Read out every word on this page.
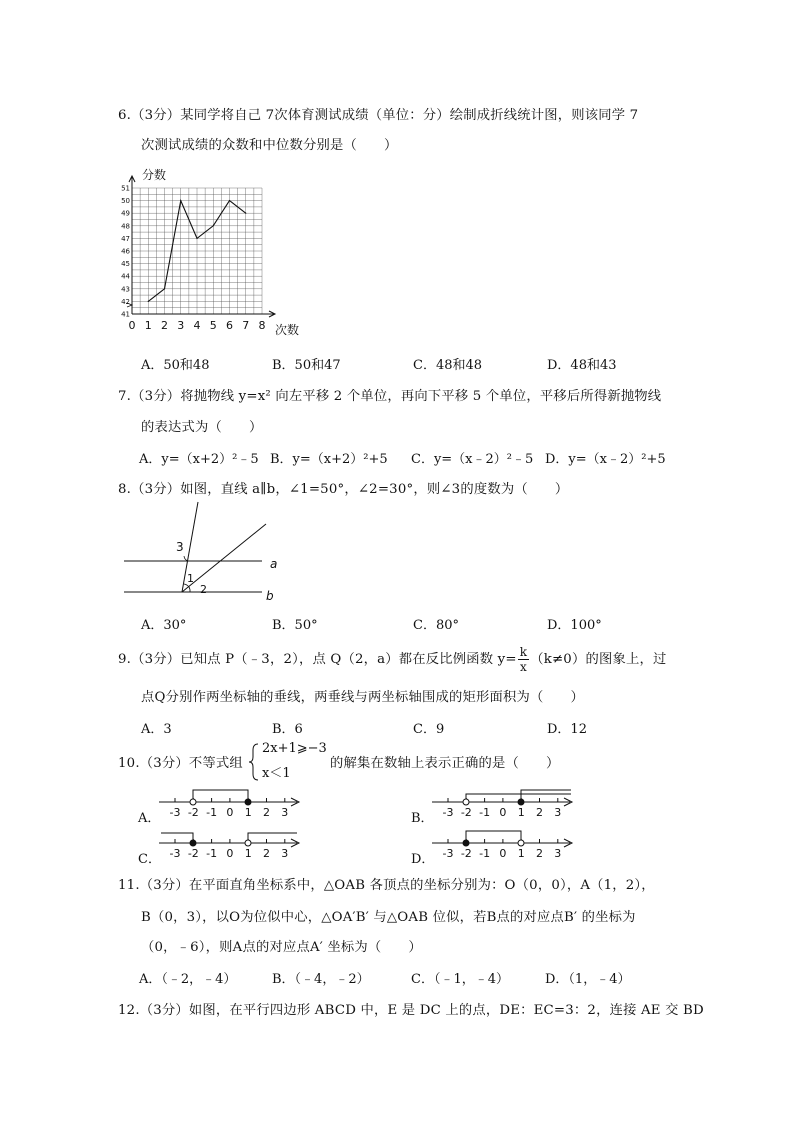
6.（3分）某同学将自己 7次体育测试成绩（单位：分）绘制成折线统计图，则该同学 7
次测试成绩的众数和中位数分别是（　　）
41
42
43
44
45
46
47
48
49
50
51
0 1 2 3 4 5 6 7 8
分数
次数
A．50和48	B．50和47	C．48和48	D．48和43
7.（3分）将抛物线 y=x² 向左平移 2 个单位，再向下平移 5 个单位，平移后所得新抛物线
的表达式为（　　）
A．y=（x+2）²﹣5 B．y=（x+2）²+5 C．y=（x﹣2）²﹣5 D．y=（x﹣2）²+5
8.（3分）如图，直线 a∥b，∠1=50°，∠2=30°，则∠3的度数为（　　）
3
1
2
a
b
A．30°	B．50°	C．80°	D．100°
9.（3分）已知点 P（﹣3，2），点 Q（2，a）都在反比例函数 $y= \frac{k}{x} (k\ne 0)$的图象上，过
点Q分别作两坐标轴的垂线，两垂线与两坐标轴围成的矩形面积为（　　）
A．3	B．6	C．9	D．12
10.（3分）不等式组
2x+1⩾−3
x＜1
的解集在数轴上表示正确的是（　　）
A．	B．
C．	D．
-3 -2 -1 0 1 2 3	-3 -2 -1 0 1 2 3
-3 -2 -1 0 1 2 3	-3 -2 -1 0 1 2 3
11.（3分）在平面直角坐标系中，△OAB 各顶点的坐标分别为：O（0，0），A（1，2），
B（0，3），以O为位似中心，△OA′B′ 与△OAB 位似，若B点的对应点B′ 的坐标为
（0，﹣6），则A点的对应点A′ 坐标为（　　）
A．（﹣2，﹣4）	B．（﹣4，﹣2）	C．（﹣1，﹣4）	D．（1，﹣4）
12.（3分）如图，在平行四边形 ABCD 中，E 是 DC 上的点，DE：EC=3：2，连接 AE 交 BD
